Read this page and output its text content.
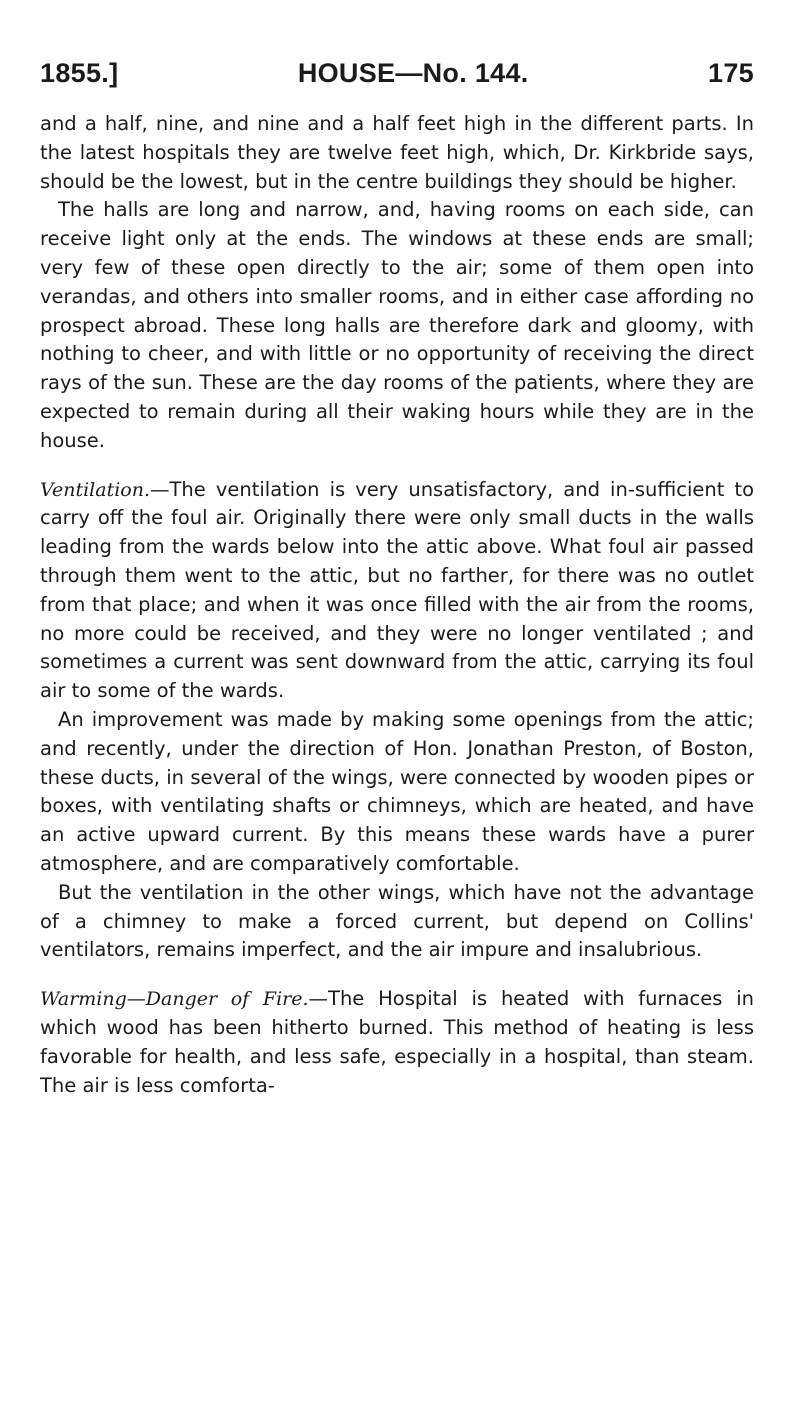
1855.]	HOUSE—No. 144.	175

and a half, nine, and nine and a half feet high in the different parts. In the latest hospitals they are twelve feet high, which, Dr. Kirkbride says, should be the lowest, but in the centre buildings they should be higher.

The halls are long and narrow, and, having rooms on each side, can receive light only at the ends. The windows at these ends are small; very few of these open directly to the air; some of them open into verandas, and others into smaller rooms, and in either case affording no prospect abroad. These long halls are therefore dark and gloomy, with nothing to cheer, and with little or no opportunity of receiving the direct rays of the sun. These are the day rooms of the patients, where they are expected to remain during all their waking hours while they are in the house.

Ventilation.—The ventilation is very unsatisfactory, and in-sufficient to carry off the foul air. Originally there were only small ducts in the walls leading from the wards below into the attic above. What foul air passed through them went to the attic, but no farther, for there was no outlet from that place; and when it was once filled with the air from the rooms, no more could be received, and they were no longer ventilated ; and sometimes a current was sent downward from the attic, carrying its foul air to some of the wards.

An improvement was made by making some openings from the attic; and recently, under the direction of Hon. Jonathan Preston, of Boston, these ducts, in several of the wings, were connected by wooden pipes or boxes, with ventilating shafts or chimneys, which are heated, and have an active upward current. By this means these wards have a purer atmosphere, and are comparatively comfortable.

But the ventilation in the other wings, which have not the advantage of a chimney to make a forced current, but depend on Collins' ventilators, remains imperfect, and the air impure and insalubrious.

Warming—Danger of Fire.—The Hospital is heated with furnaces in which wood has been hitherto burned. This method of heating is less favorable for health, and less safe, especially in a hospital, than steam. The air is less comforta-
